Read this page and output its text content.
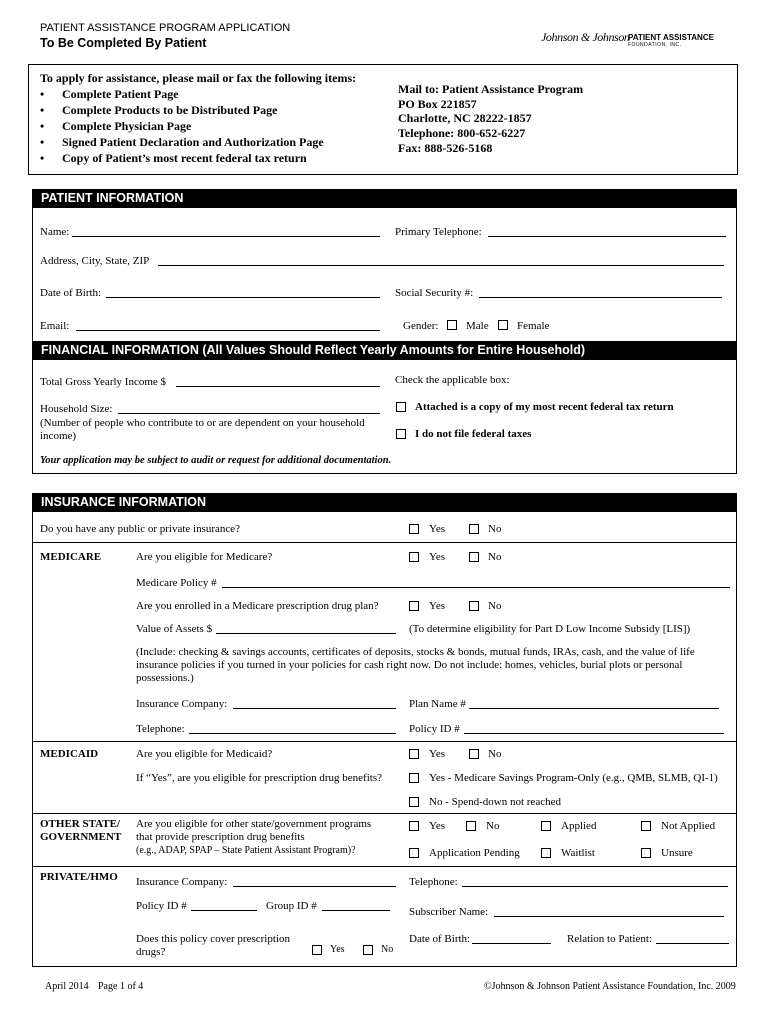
PATIENT ASSISTANCE PROGRAM APPLICATION
To Be Completed By Patient	Johnson & Johnson
PATIENT ASSISTANCE
FOUNDATION, INC.
To apply for assistance, please mail or fax the following items:
• Complete Patient Page
• Complete Products to be Distributed Page
• Complete Physician Page
• Signed Patient Declaration and Authorization Page
• Copy of Patient’s most recent federal tax return
Mail to: Patient Assistance Program
PO Box 221857
Charlotte, NC 28222-1857
Telephone: 800-652-6227
Fax: 888-526-5168
PATIENT INFORMATION
Name:	Primary Telephone:
Address, City, State, ZIP
Date of Birth:	Social Security #:
Email:	Gender:	Male	Female
FINANCIAL INFORMATION (All Values Should Reflect Yearly Amounts for Entire Household)
Total Gross Yearly Income $	Check the applicable box:
Household Size:
(Number of people who contribute to or are dependent on your household income)
Attached is a copy of my most recent federal tax return
I do not file federal taxes
Your application may be subject to audit or request for additional documentation.
INSURANCE INFORMATION
Do you have any public or private insurance?	Yes	No
MEDICARE	Are you eligible for Medicare?	Yes	No
Medicare Policy #
Are you enrolled in a Medicare prescription drug plan?	Yes	No
Value of Assets $	(To determine eligibility for Part D Low Income Subsidy [LIS])
(Include: checking & savings accounts, certificates of deposits, stocks & bonds, mutual funds, IRAs, cash, and the value of life insurance policies if you turned in your policies for cash right now. Do not include: homes, vehicles, burial plots or personal possessions.)
Insurance Company:	Plan Name #
Telephone:	Policy ID #
MEDICAID	Are you eligible for Medicaid?	Yes	No
If “Yes”, are you eligible for prescription drug benefits?	Yes - Medicare Savings Program-Only (e.g., QMB, SLMB, QI-1)
No - Spend-down not reached
OTHER STATE/
GOVERNMENT
Are you eligible for other state/government programs
that provide prescription drug benefits
(e.g., ADAP, SPAP – State Patient Assistant Program)?
Yes	No	Applied	Not Applied
Application Pending	Waitlist	Unsure
PRIVATE/HMO Insurance Company:	Telephone:
Policy ID #	Group ID #	Subscriber Name:
Does this policy cover prescription
drugs?	Yes	No
Date of Birth:	Relation to Patient:
April 2014 Page 1 of 4	©Johnson & Johnson Patient Assistance Foundation, Inc. 2009
